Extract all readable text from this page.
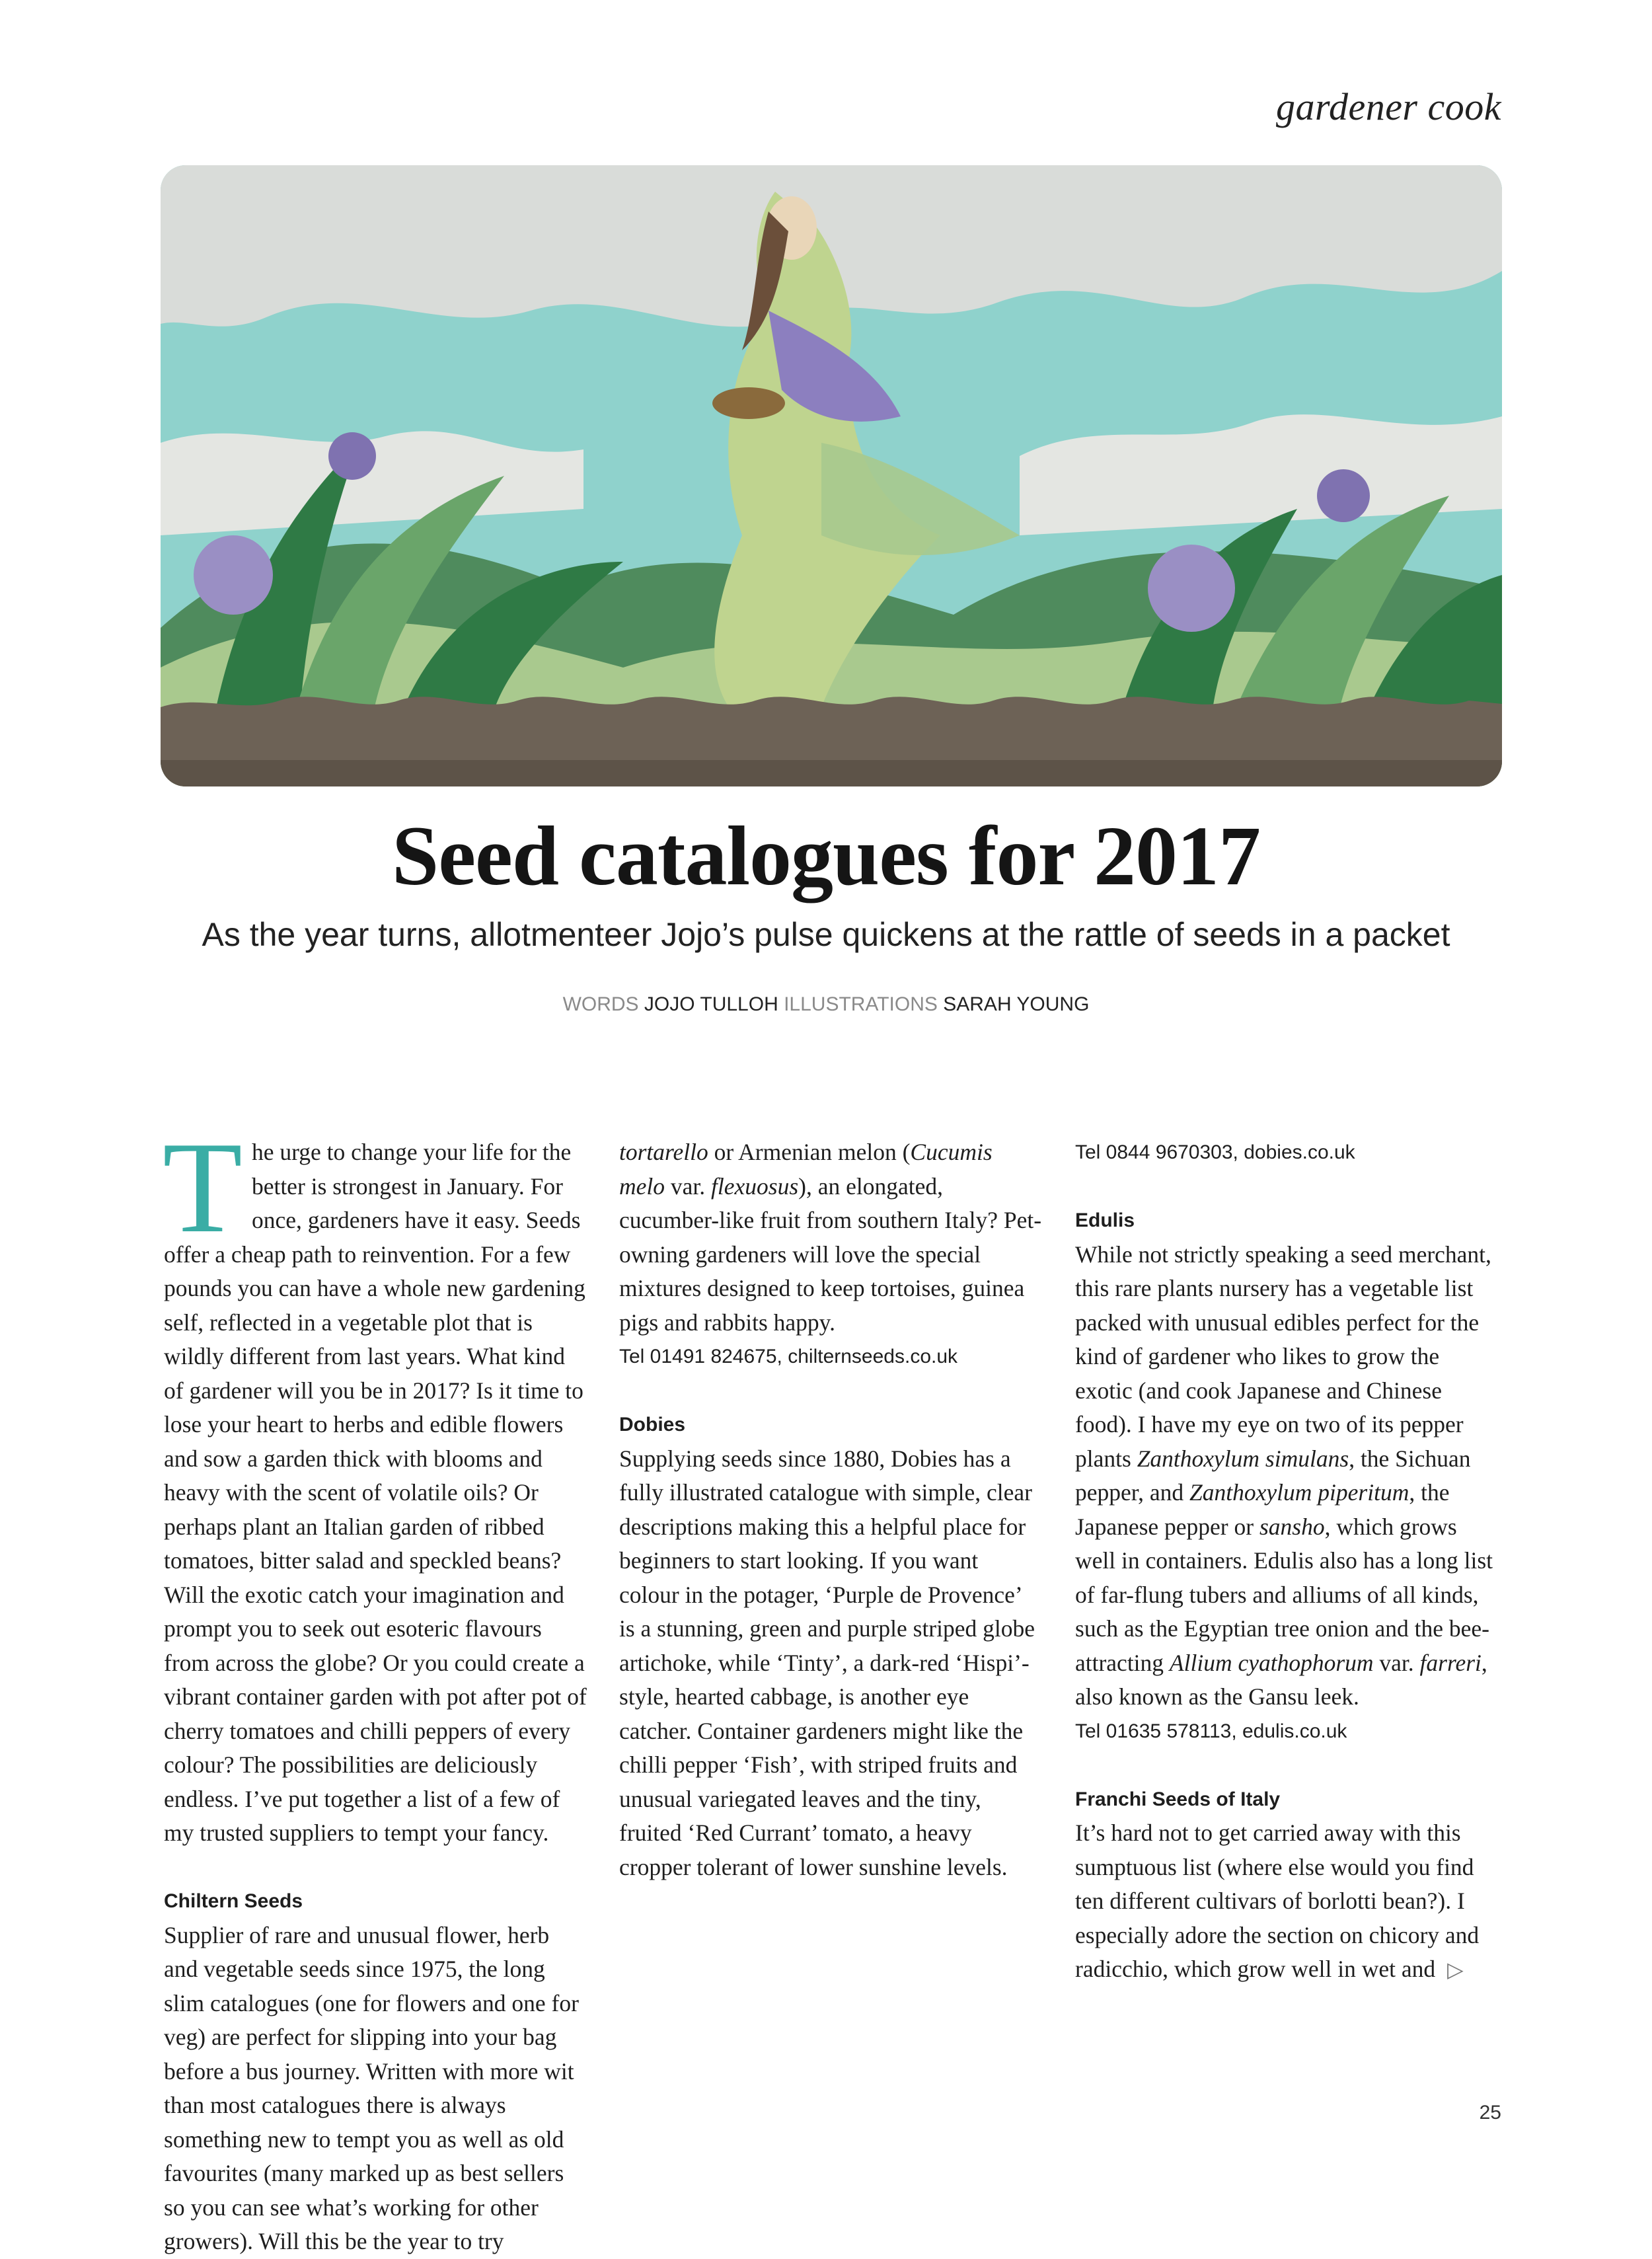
gardener cook
Seed catalogues for 2017
As the year turns, allotmenteer Jojo’s pulse quickens at the rattle of seeds in a packet
WORDS JOJO TULLOH ILLUSTRATIONS SARAH YOUNG

The urge to change your life for the better is strongest in January. For once, gardeners have it easy. Seeds offer a cheap path to reinvention. For a few pounds you can have a whole new gardening self, reflected in a vegetable plot that is wildly different from last years. What kind of gardener will you be in 2017? Is it time to lose your heart to herbs and edible flowers and sow a garden thick with blooms and heavy with the scent of volatile oils? Or perhaps plant an Italian garden of ribbed tomatoes, bitter salad and speckled beans? Will the exotic catch your imagination and prompt you to seek out esoteric flavours from across the globe? Or you could create a vibrant container garden with pot after pot of cherry tomatoes and chilli peppers of every colour? The possibilities are deliciously endless. I’ve put together a list of a few of my trusted suppliers to tempt your fancy.

Chiltern Seeds
Supplier of rare and unusual flower, herb and vegetable seeds since 1975, the long slim catalogues (one for flowers and one for veg) are perfect for slipping into your bag before a bus journey. Written with more wit than most catalogues there is always something new to tempt you as well as old favourites (many marked up as best sellers so you can see what’s working for other growers). Will this be the year to try

tortarello or Armenian melon (Cucumis melo var. flexuosus), an elongated, cucumber-like fruit from southern Italy? Pet-owning gardeners will love the special mixtures designed to keep tortoises, guinea pigs and rabbits happy.
Tel 01491 824675, chilternseeds.co.uk

Dobies
Supplying seeds since 1880, Dobies has a fully illustrated catalogue with simple, clear descriptions making this a helpful place for beginners to start looking. If you want colour in the potager, ‘Purple de Provence’ is a stunning, green and purple striped globe artichoke, while ‘Tinty’, a dark-red ‘Hispi’-style, hearted cabbage, is another eye catcher. Container gardeners might like the chilli pepper ‘Fish’, with striped fruits and unusual variegated leaves and the tiny, fruited ‘Red Currant’ tomato, a heavy cropper tolerant of lower sunshine levels.

Tel 0844 9670303, dobies.co.uk

Edulis
While not strictly speaking a seed merchant, this rare plants nursery has a vegetable list packed with unusual edibles perfect for the kind of gardener who likes to grow the exotic (and cook Japanese and Chinese food). I have my eye on two of its pepper plants Zanthoxylum simulans, the Sichuan pepper, and Zanthoxylum piperitum, the Japanese pepper or sansho, which grows well in containers. Edulis also has a long list of far-flung tubers and alliums of all kinds, such as the Egyptian tree onion and the bee-attracting Allium cyathophorum var. farreri, also known as the Gansu leek.
Tel 01635 578113, edulis.co.uk

Franchi Seeds of Italy
It’s hard not to get carried away with this sumptuous list (where else would you find ten different cultivars of borlotti bean?). I especially adore the section on chicory and radicchio, which grow well in wet and ▷

25
